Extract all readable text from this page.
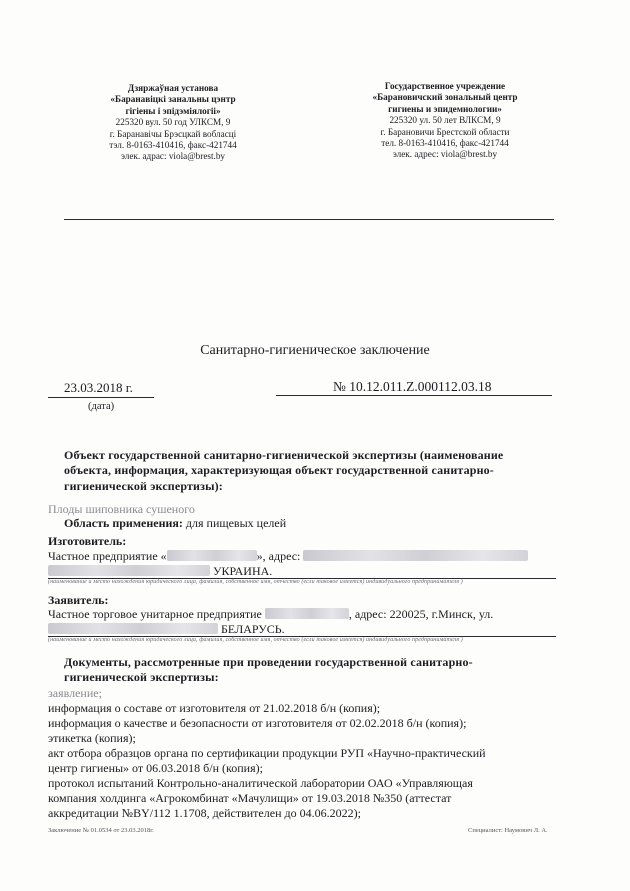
Дзяржаўная установа
«Баранавіцкі занальны цэнтр
гігіены і эпідэміялогіі»
225320 вул. 50 год УЛКСМ, 9
г. Баранавічы Брэсцкай вобласці
тэл. 8-0163-410416, факс-421744
элек. адрас: viola@brest.by
Государственное учреждение
«Барановичский зональный центр
гигиены и эпидемиологии»
225320 ул. 50 лет ВЛКСМ, 9
г. Барановичи Брестской области
тел. 8-0163-410416, факс-421744
элек. адрес: viola@brest.by
Санитарно-гигиеническое заключение
23.03.2018 г.
(дата)
№ 10.12.011.Z.000112.03.18
Объект государственной санитарно-гигиенической экспертизы (наименование
объекта, информация, характеризующая объект государственной санитарно-
гигиенической экспертизы):
Плоды шиповника сушеного
Область применения: для пищевых целей
Изготовитель:
Частное предприятие «	», адрес:
УКРАИНА.
(наименование и место нахождения юридического лица, фамилия, собственное имя, отчество (если таковое имеется) индивидуального предпринимателя )
Заявитель:
Частное торговое унитарное предприятие	, адрес: 220025, г.Минск, ул.
БЕЛАРУСЬ.
(наименование и место нахождения юридического лица, фамилия, собственное имя, отчество (если таковое имеется) индивидуального предпринимателя )
Документы, рассмотренные при проведении государственной санитарно-
гигиенической экспертизы:
заявление;
информация о составе от изготовителя от 21.02.2018 б/н (копия);
информация о качестве и безопасности от изготовителя от 02.02.2018 б/н (копия);
этикетка (копия);
акт отбора образцов органа по сертификации продукции РУП «Научно-практический
центр гигиены» от 06.03.2018 б/н (копия);
протокол испытаний Контрольно-аналитической лаборатории ОАО «Управляющая
компания холдинга «Агрокомбинат «Мачулищи» от 19.03.2018 №350 (аттестат
аккредитации №BY/112 1.1708, действителен до 04.06.2022);
Заключение № 01.0534 от 23.03.2018г.	Специалист: Наумович Л. А.
